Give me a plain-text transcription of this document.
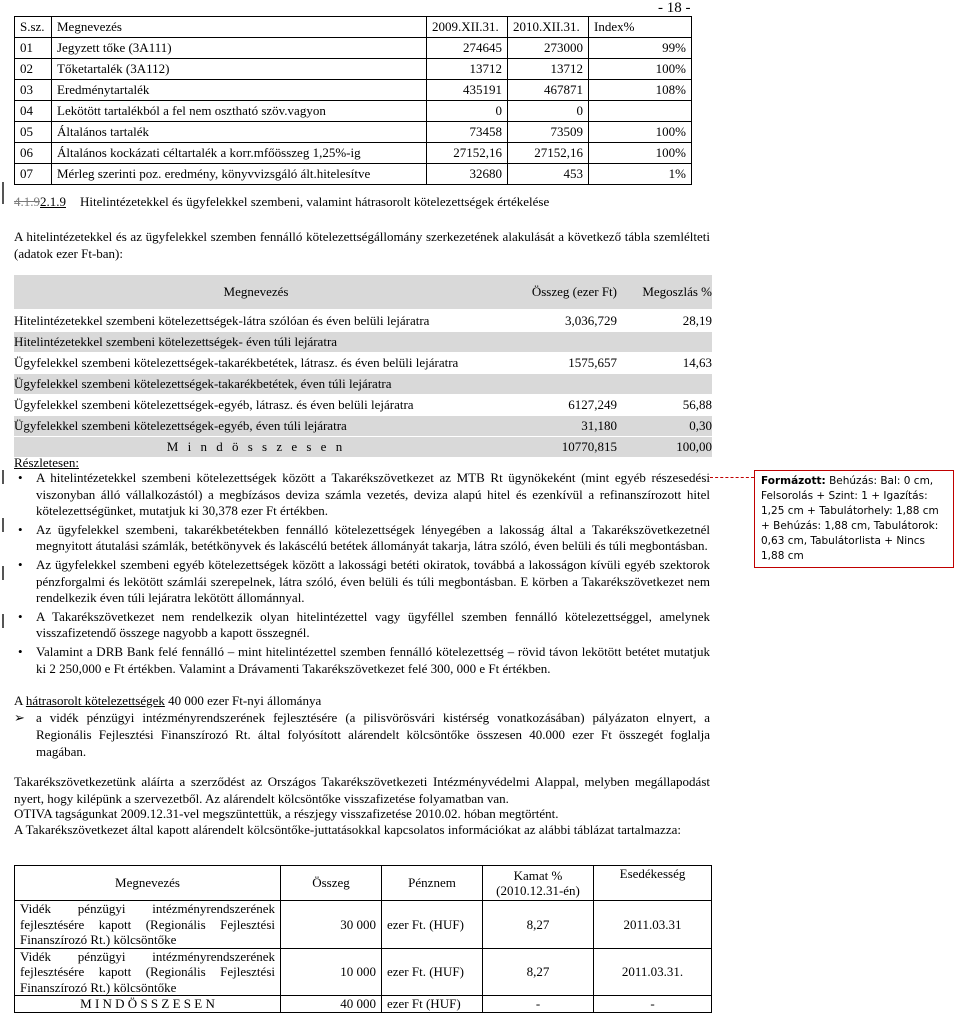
- 18 -
S.sz.	Megnevezés	2009.XII.31.	2010.XII.31.	Index%
01	Jegyzett tőke (3A111)	274645	273000	99%
02	Tőketartalék (3A112)	13712	13712	100%
03	Eredménytartalék	435191	467871	108%
04	Lekötött tartalékból a fel nem osztható szöv.vagyon	0	0	
05	Általános tartalék	73458	73509	100%
06	Általános kockázati céltartalék a korr.mfőösszeg 1,25%-ig	27152,16	27152,16	100%
07	Mérleg szerinti poz. eredmény, könyvvizsgáló ált.hitelesítve	32680	453	1%
4.1.92.1.9 Hitelintézetekkel és ügyfelekkel szembeni, valamint hátrasorolt kötelezettségek értékelése
A hitelintézetekkel és az ügyfelekkel szemben fennálló kötelezettségállomány szerkezetének alakulását a következő tábla szemlélteti (adatok ezer Ft-ban):
Megnevezés	Összeg (ezer Ft)	Megoszlás %
Hitelintézetekkel szembeni kötelezettségek-látra szólóan és éven belüli lejáratra	3,036,729	28,19
Hitelintézetekkel szembeni kötelezettségek- éven túli lejáratra
Ügyfelekkel szembeni kötelezettségek-takarékbetétek, látrasz. és éven belüli lejáratra	1575,657	14,63
Ügyfelekkel szembeni kötelezettségek-takarékbetétek, éven túli lejáratra
Ügyfelekkel szembeni kötelezettségek-egyéb, látrasz. és éven belüli lejáratra	6127,249	56,88
Ügyfelekkel szembeni kötelezettségek-egyéb, éven túli lejáratra	31,180	0,30
M i n d ö s s z e s e n	10770,815	100,00
Részletesen:
• A hitelintézetekkel szembeni kötelezettségek között a Takarékszövetkezet az MTB Rt ügynökeként (mint egyéb részesedési viszonyban álló vállalkozástól) a megbízásos deviza számla vezetés, deviza alapú hitel és ezenkívül a refinanszírozott hitel kötelezettségünket, mutatjuk ki 30,378 ezer Ft értékben.
• Az ügyfelekkel szembeni, takarékbetétekben fennálló kötelezettségek lényegében a lakosság által a Takarékszövetkezetnél megnyitott átutalási számlák, betétkönyvek és lakáscélú betétek állományát takarja, látra szóló, éven belüli és túli megbontásban.
• Az ügyfelekkel szembeni egyéb kötelezettségek között a lakossági betéti okiratok, továbbá a lakosságon kívüli egyéb szektorok pénzforgalmi és lekötött számlái szerepelnek, látra szóló, éven belüli és túli megbontásban. E körben a Takarékszövetkezet nem rendelkezik éven túli lejáratra lekötött állománnyal.
• A Takarékszövetkezet nem rendelkezik olyan hitelintézettel vagy ügyféllel szemben fennálló kötelezettséggel, amelynek visszafizetendő összege nagyobb a kapott összegnél.
• Valamint a DRB Bank felé fennálló – mint hitelintézettel szemben fennálló kötelezettség – rövid távon lekötött betétet mutatjuk ki 2 250,000 e Ft értékben. Valamint a Drávamenti Takarékszövetkezet felé 300, 000 e Ft értékben.
Formázott: Behúzás: Bal: 0 cm, Felsorolás + Szint: 1 + Igazítás: 1,25 cm + Tabulátorhely: 1,88 cm + Behúzás: 1,88 cm, Tabulátorok: 0,63 cm, Tabulátorlista + Nincs 1,88 cm
A hátrasorolt kötelezettségek 40 000 ezer Ft-nyi állománya
➢ a vidék pénzügyi intézményrendszerének fejlesztésére (a pilisvörösvári kistérség vonatkozásában) pályázaton elnyert, a Regionális Fejlesztési Finanszírozó Rt. által folyósított alárendelt kölcsöntőke összesen 40.000 ezer Ft összegét foglalja magában.
Takarékszövetkezetünk aláírta a szerződést az Országos Takarékszövetkezeti Intézményvédelmi Alappal, melyben megállapodást nyert, hogy kilépünk a szervezetből. Az alárendelt kölcsöntőke visszafizetése folyamatban van.
OTIVA tagságunkat 2009.12.31-vel megszüntettük, a részjegy visszafizetése 2010.02. hóban megtörtént.
A Takarékszövetkezet által kapott alárendelt kölcsöntőke-juttatásokkal kapcsolatos információkat az alábbi táblázat tartalmazza:
Megnevezés	Összeg	Pénznem	Kamat % (2010.12.31-én)	Esedékesség
Vidék pénzügyi intézményrendszerének fejlesztésére kapott (Regionális Fejlesztési Finanszírozó Rt.) kölcsöntőke	30 000	ezer Ft. (HUF)	8,27	2011.03.31
Vidék pénzügyi intézményrendszerének fejlesztésére kapott (Regionális Fejlesztési Finanszírozó Rt.) kölcsöntőke	10 000	ezer Ft. (HUF)	8,27	2011.03.31.
M I N D Ö S S Z E S E N	40 000	ezer Ft (HUF)	-	-
